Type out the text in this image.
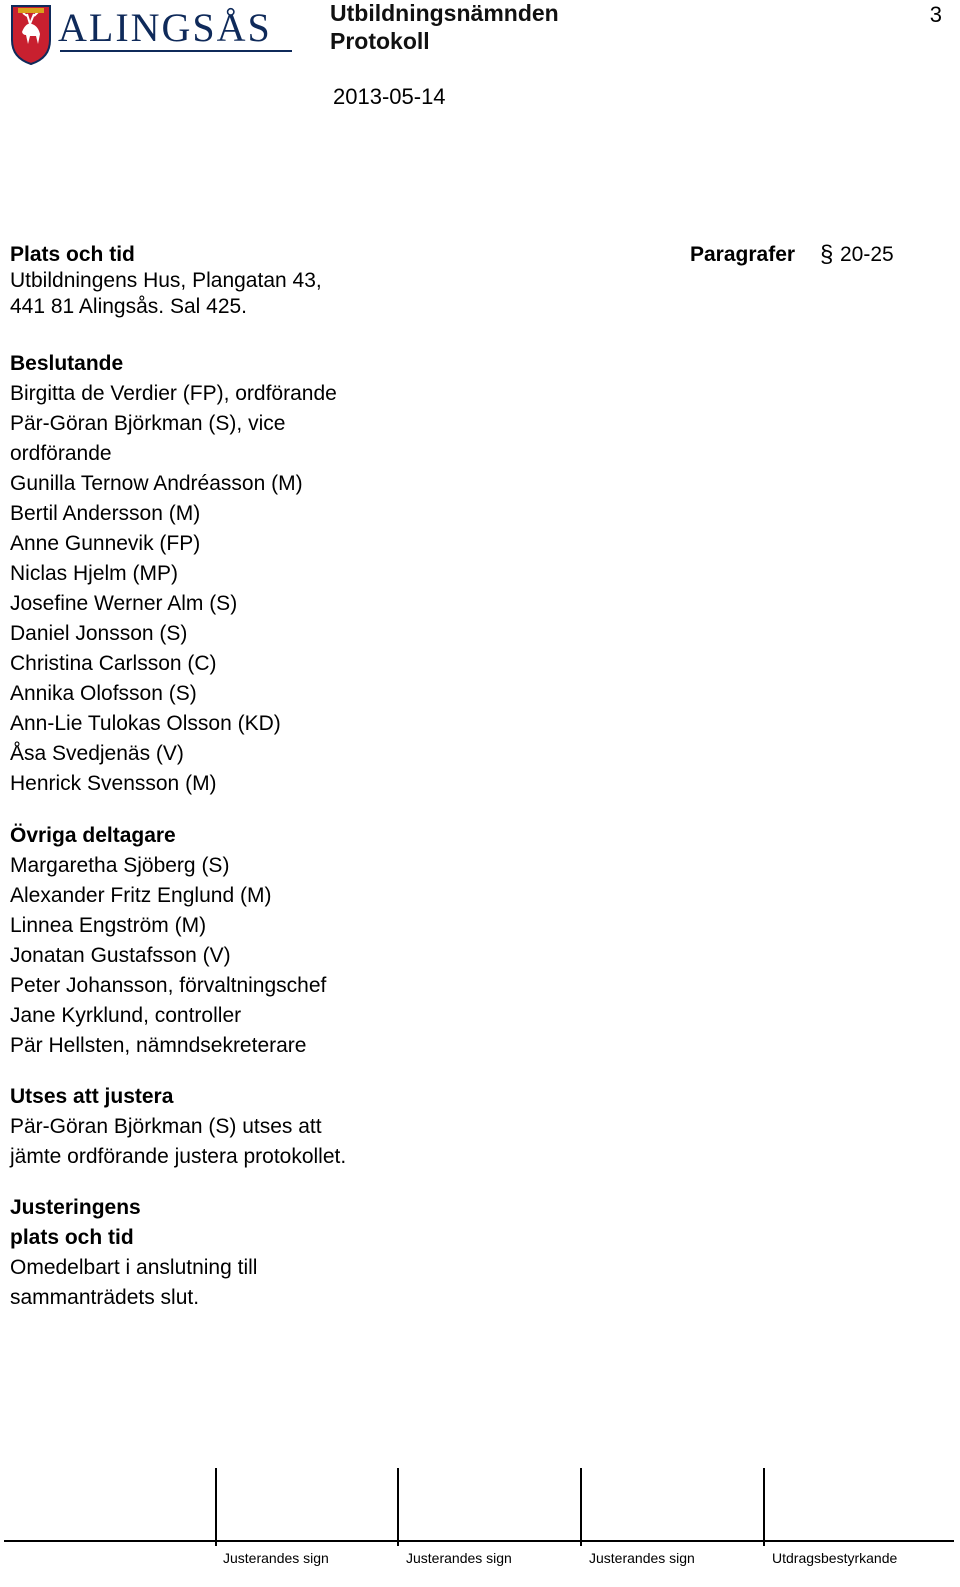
ALINGSÅS	Utbildningsnämnden
Protokoll
3
2013-05-14
Plats och tid
Utbildningens Hus, Plangatan 43,
441 81 Alingsås. Sal 425.
Paragrafer § 20-25
Beslutande
Birgitta de Verdier (FP), ordförande
Pär-Göran Björkman (S), vice
ordförande
Gunilla Ternow Andréasson (M)
Bertil Andersson (M)
Anne Gunnevik (FP)
Niclas Hjelm (MP)
Josefine Werner Alm (S)
Daniel Jonsson (S)
Christina Carlsson (C)
Annika Olofsson (S)
Ann-Lie Tulokas Olsson (KD)
Åsa Svedjenäs (V)
Henrick Svensson (M)
Övriga deltagare
Margaretha Sjöberg (S)
Alexander Fritz Englund (M)
Linnea Engström (M)
Jonatan Gustafsson (V)
Peter Johansson, förvaltningschef
Jane Kyrklund, controller
Pär Hellsten, nämndsekreterare
Utses att justera
Pär-Göran Björkman (S) utses att
jämte ordförande justera protokollet.
Justeringens
plats och tid
Omedelbart i anslutning till
sammanträdets slut.
Justerandes sign	Justerandes sign	Justerandes sign	Utdragsbestyrkande
